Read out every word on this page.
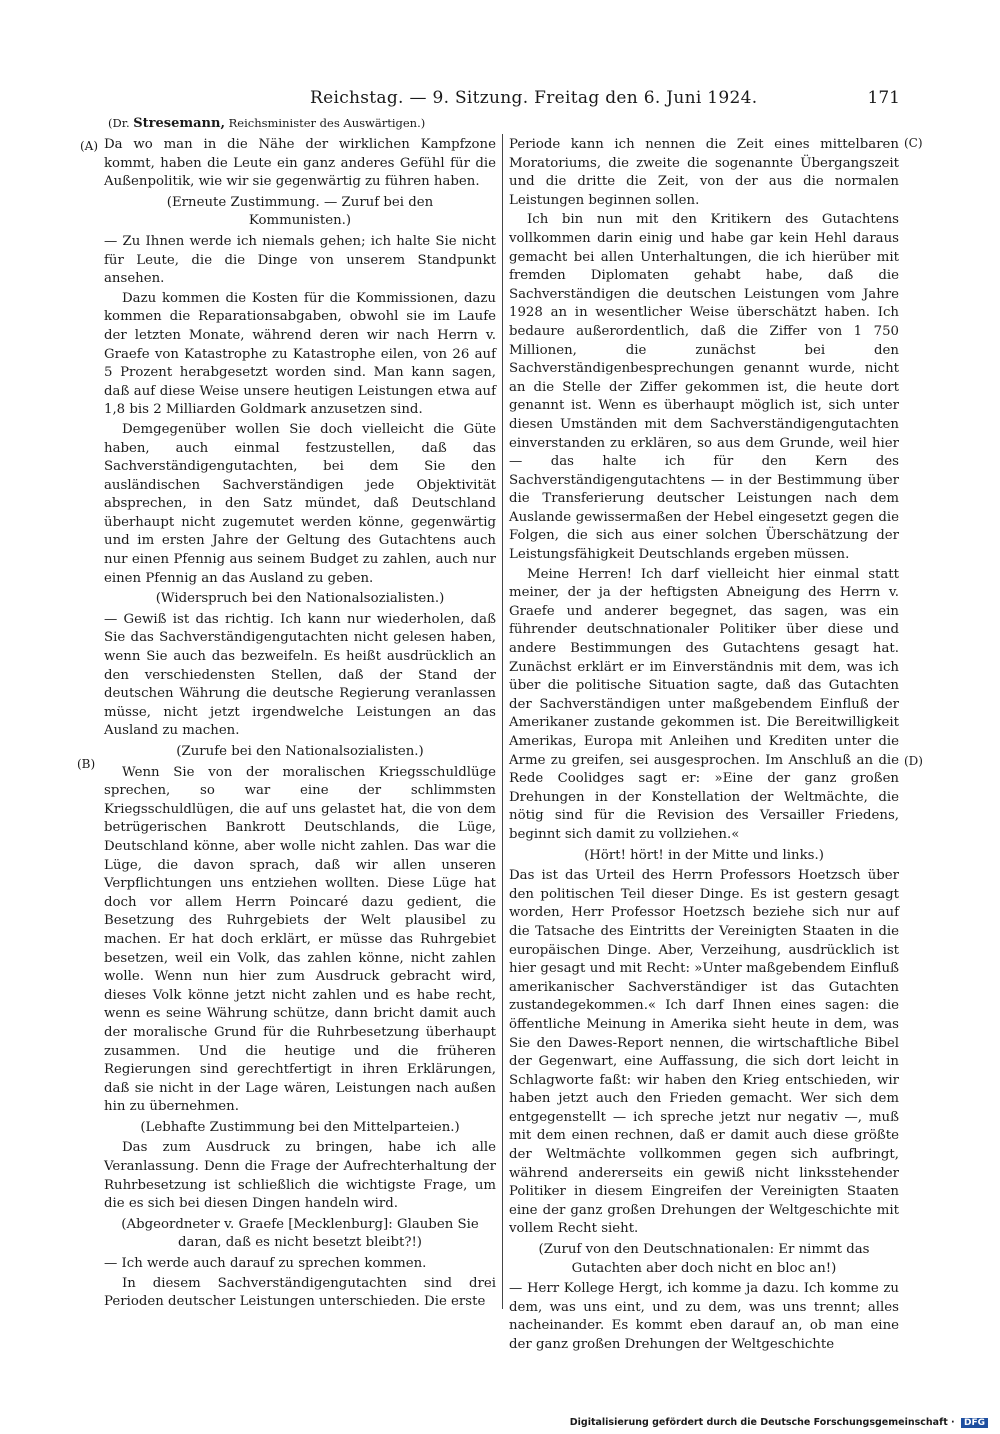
Reichstag. — 9. Sitzung. Freitag den 6. Juni 1924.	171
(Dr. Stresemann, Reichsminister des Auswärtigen.)
(A)
(B)
(C)
(D)

Da wo man in die Nähe der wirklichen Kampfzone kommt, haben die Leute ein ganz anderes Gefühl für die Außenpolitik, wie wir sie gegenwärtig zu führen haben.

(Erneute Zustimmung. — Zuruf bei den Kommunisten.)

— Zu Ihnen werde ich niemals gehen; ich halte Sie nicht für Leute, die die Dinge von unserem Standpunkt ansehen.

Dazu kommen die Kosten für die Kommissionen, dazu kommen die Reparationsabgaben, obwohl sie im Laufe der letzten Monate, während deren wir nach Herrn v. Graefe von Katastrophe zu Katastrophe eilen, von 26 auf 5 Prozent herabgesetzt worden sind. Man kann sagen, daß auf diese Weise unsere heutigen Leistungen etwa auf 1,8 bis 2 Milliarden Goldmark anzusetzen sind.

Demgegenüber wollen Sie doch vielleicht die Güte haben, auch einmal festzustellen, daß das Sachverständigengutachten, bei dem Sie den ausländischen Sachverständigen jede Objektivität absprechen, in den Satz mündet, daß Deutschland überhaupt nicht zugemutet werden könne, gegenwärtig und im ersten Jahre der Geltung des Gutachtens auch nur einen Pfennig aus seinem Budget zu zahlen, auch nur einen Pfennig an das Ausland zu geben.

(Widerspruch bei den Nationalsozialisten.)

— Gewiß ist das richtig. Ich kann nur wiederholen, daß Sie das Sachverständigengutachten nicht gelesen haben, wenn Sie auch das bezweifeln. Es heißt ausdrücklich an den verschiedensten Stellen, daß der Stand der deutschen Währung die deutsche Regierung veranlassen müsse, nicht jetzt irgendwelche Leistungen an das Ausland zu machen.

(Zurufe bei den Nationalsozialisten.)

Wenn Sie von der moralischen Kriegsschuldlüge sprechen, so war eine der schlimmsten Kriegsschuldlügen, die auf uns gelastet hat, die von dem betrügerischen Bankrott Deutschlands, die Lüge, Deutschland könne, aber wolle nicht zahlen. Das war die Lüge, die davon sprach, daß wir allen unseren Verpflichtungen uns entziehen wollten. Diese Lüge hat doch vor allem Herrn Poincaré dazu gedient, die Besetzung des Ruhrgebiets der Welt plausibel zu machen. Er hat doch erklärt, er müsse das Ruhrgebiet besetzen, weil ein Volk, das zahlen könne, nicht zahlen wolle. Wenn nun hier zum Ausdruck gebracht wird, dieses Volk könne jetzt nicht zahlen und es habe recht, wenn es seine Währung schütze, dann bricht damit auch der moralische Grund für die Ruhrbesetzung überhaupt zusammen. Und die heutige und die früheren Regierungen sind gerechtfertigt in ihren Erklärungen, daß sie nicht in der Lage wären, Leistungen nach außen hin zu übernehmen.

(Lebhafte Zustimmung bei den Mittelparteien.)

Das zum Ausdruck zu bringen, habe ich alle Veranlassung. Denn die Frage der Aufrechterhaltung der Ruhrbesetzung ist schließlich die wichtigste Frage, um die es sich bei diesen Dingen handeln wird.

(Abgeordneter v. Graefe [Mecklenburg]: Glauben Sie daran, daß es nicht besetzt bleibt?!)

— Ich werde auch darauf zu sprechen kommen.

In diesem Sachverständigengutachten sind drei Perioden deutscher Leistungen unterschieden. Die erste

Periode kann ich nennen die Zeit eines mittelbaren Moratoriums, die zweite die sogenannte Übergangszeit und die dritte die Zeit, von der aus die normalen Leistungen beginnen sollen.

Ich bin nun mit den Kritikern des Gutachtens vollkommen darin einig und habe gar kein Hehl daraus gemacht bei allen Unterhaltungen, die ich hierüber mit fremden Diplomaten gehabt habe, daß die Sachverständigen die deutschen Leistungen vom Jahre 1928 an in wesentlicher Weise überschätzt haben. Ich bedaure außerordentlich, daß die Ziffer von 1 750 Millionen, die zunächst bei den Sachverständigenbesprechungen genannt wurde, nicht an die Stelle der Ziffer gekommen ist, die heute dort genannt ist. Wenn es überhaupt möglich ist, sich unter diesen Umständen mit dem Sachverständigengutachten einverstanden zu erklären, so aus dem Grunde, weil hier — das halte ich für den Kern des Sachverständigengutachtens — in der Bestimmung über die Transferierung deutscher Leistungen nach dem Auslande gewissermaßen der Hebel eingesetzt gegen die Folgen, die sich aus einer solchen Überschätzung der Leistungsfähigkeit Deutschlands ergeben müssen.

Meine Herren! Ich darf vielleicht hier einmal statt meiner, der ja der heftigsten Abneigung des Herrn v. Graefe und anderer begegnet, das sagen, was ein führender deutschnationaler Politiker über diese und andere Bestimmungen des Gutachtens gesagt hat. Zunächst erklärt er im Einverständnis mit dem, was ich über die politische Situation sagte, daß das Gutachten der Sachverständigen unter maßgebendem Einfluß der Amerikaner zustande gekommen ist. Die Bereitwilligkeit Amerikas, Europa mit Anleihen und Krediten unter die Arme zu greifen, sei ausgesprochen. Im Anschluß an die Rede Coolidges sagt er: »Eine der ganz großen Drehungen in der Konstellation der Weltmächte, die nötig sind für die Revision des Versailler Friedens, beginnt sich damit zu vollziehen.«

(Hört! hört! in der Mitte und links.)

Das ist das Urteil des Herrn Professors Hoetzsch über den politischen Teil dieser Dinge. Es ist gestern gesagt worden, Herr Professor Hoetzsch beziehe sich nur auf die Tatsache des Eintritts der Vereinigten Staaten in die europäischen Dinge. Aber, Verzeihung, ausdrücklich ist hier gesagt und mit Recht: »Unter maßgebendem Einfluß amerikanischer Sachverständiger ist das Gutachten zustandegekommen.« Ich darf Ihnen eines sagen: die öffentliche Meinung in Amerika sieht heute in dem, was Sie den Dawes-Report nennen, die wirtschaftliche Bibel der Gegenwart, eine Auffassung, die sich dort leicht in Schlagworte faßt: wir haben den Krieg entschieden, wir haben jetzt auch den Frieden gemacht. Wer sich dem entgegenstellt — ich spreche jetzt nur negativ —, muß mit dem einen rechnen, daß er damit auch diese größte der Weltmächte vollkommen gegen sich aufbringt, während andererseits ein gewiß nicht linksstehender Politiker in diesem Eingreifen der Vereinigten Staaten eine der ganz großen Drehungen der Weltgeschichte mit vollem Recht sieht.

(Zuruf von den Deutschnationalen: Er nimmt das Gutachten aber doch nicht en bloc an!)

— Herr Kollege Hergt, ich komme ja dazu. Ich komme zu dem, was uns eint, und zu dem, was uns trennt; alles nacheinander. Es kommt eben darauf an, ob man eine der ganz großen Drehungen der Weltgeschichte

Digitalisierung gefördert durch die Deutsche Forschungsgemeinschaft · DFG
